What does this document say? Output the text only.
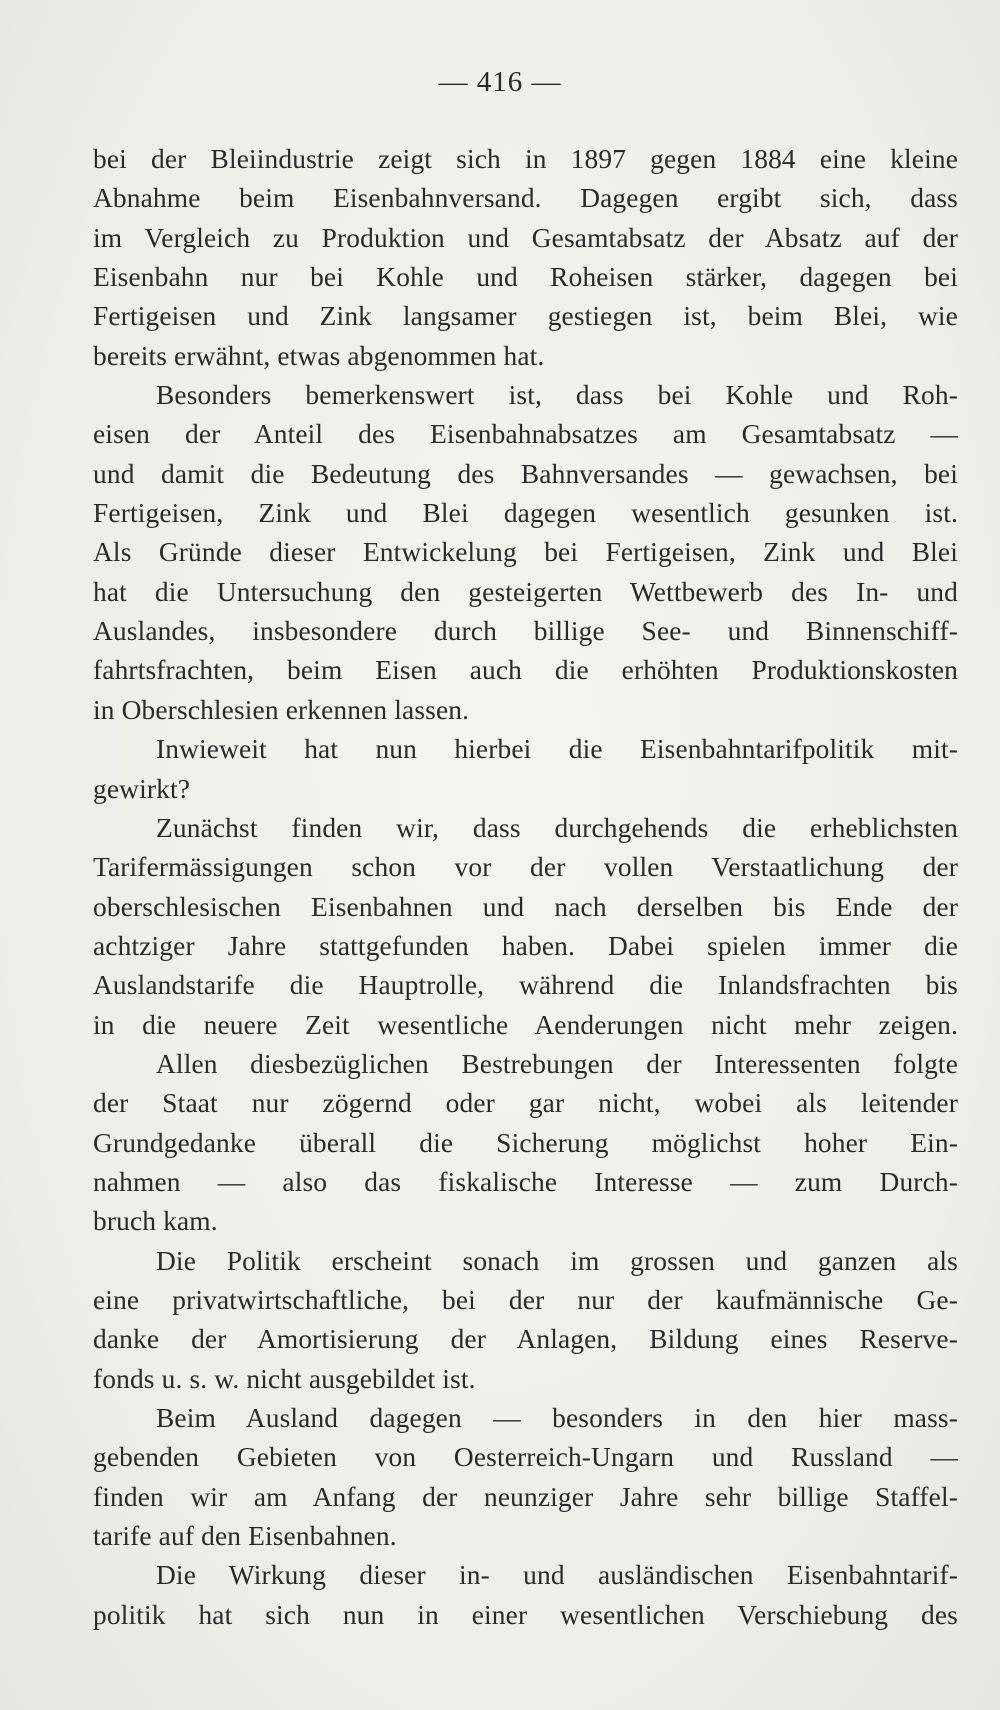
— 416 —
bei der Bleiindustrie zeigt sich in 1897 gegen 1884 eine kleine
Abnahme beim Eisenbahnversand. Dagegen ergibt sich, dass
im Vergleich zu Produktion und Gesamtabsatz der Absatz auf der
Eisenbahn nur bei Kohle und Roheisen stärker, dagegen bei
Fertigeisen und Zink langsamer gestiegen ist, beim Blei, wie
bereits erwähnt, etwas abgenommen hat.
Besonders bemerkenswert ist, dass bei Kohle und Roh-
eisen der Anteil des Eisenbahnabsatzes am Gesamtabsatz —
und damit die Bedeutung des Bahnversandes — gewachsen, bei
Fertigeisen, Zink und Blei dagegen wesentlich gesunken ist.
Als Gründe dieser Entwickelung bei Fertigeisen, Zink und Blei
hat die Untersuchung den gesteigerten Wettbewerb des In- und
Auslandes, insbesondere durch billige See- und Binnenschiff-
fahrtsfrachten, beim Eisen auch die erhöhten Produktionskosten
in Oberschlesien erkennen lassen.
Inwieweit hat nun hierbei die Eisenbahntarifpolitik mit-
gewirkt?
Zunächst finden wir, dass durchgehends die erheblichsten
Tarifermässigungen schon vor der vollen Verstaatlichung der
oberschlesischen Eisenbahnen und nach derselben bis Ende der
achtziger Jahre stattgefunden haben. Dabei spielen immer die
Auslandstarife die Hauptrolle, während die Inlandsfrachten bis
in die neuere Zeit wesentliche Aenderungen nicht mehr zeigen.
Allen diesbezüglichen Bestrebungen der Interessenten folgte
der Staat nur zögernd oder gar nicht, wobei als leitender
Grundgedanke überall die Sicherung möglichst hoher Ein-
nahmen — also das fiskalische Interesse — zum Durch-
bruch kam.
Die Politik erscheint sonach im grossen und ganzen als
eine privatwirtschaftliche, bei der nur der kaufmännische Ge-
danke der Amortisierung der Anlagen, Bildung eines Reserve-
fonds u. s. w. nicht ausgebildet ist.
Beim Ausland dagegen — besonders in den hier mass-
gebenden Gebieten von Oesterreich-Ungarn und Russland —
finden wir am Anfang der neunziger Jahre sehr billige Staffel-
tarife auf den Eisenbahnen.
Die Wirkung dieser in- und ausländischen Eisenbahntarif-
politik hat sich nun in einer wesentlichen Verschiebung des
